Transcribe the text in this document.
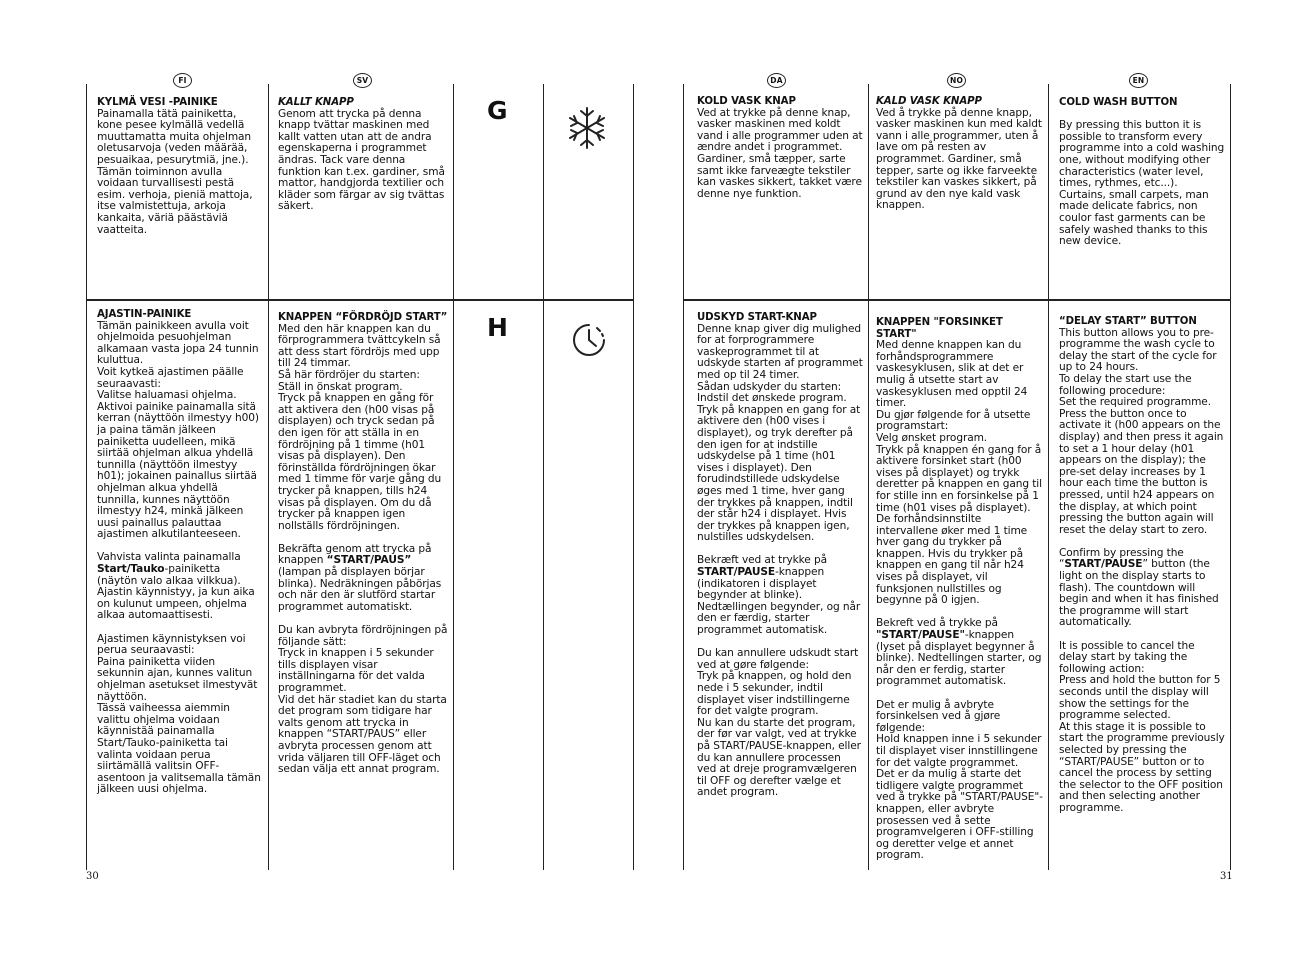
FI	SV
KYLMÄ VESI -PAINIKE
Painamalla tätä painiketta, kone pesee kylmällä vedellä muuttamatta muita ohjelman oletusarvoja (veden määrää, pesuaikaa, pesurytmiä, jne.).
Tämän toiminnon avulla voidaan turvallisesti pestä esim. verhoja, pieniä mattoja, itse valmistettuja, arkoja kankaita, väriä päästäviä vaatteita.
KALLT KNAPP
Genom att trycka på denna knapp tvättar maskinen med kallt vatten utan att de andra egenskaperna i programmet ändras. Tack vare denna funktion kan t.ex. gardiner, små mattor, handgjorda textilier och kläder som färgar av sig tvättas säkert.
G
AJASTIN-PAINIKE
Tämän painikkeen avulla voit ohjelmoida pesuohjelman alkamaan vasta jopa 24 tunnin kuluttua.
Voit kytkeä ajastimen päälle seuraavasti:
Valitse haluamasi ohjelma.
Aktivoi painike painamalla sitä kerran (näyttöön ilmestyy h00) ja paina tämän jälkeen painiketta uudelleen, mikä siirtää ohjelman alkua yhdellä tunnilla (näyttöön ilmestyy h01); jokainen painallus siirtää ohjelman alkua yhdellä tunnilla, kunnes näyttöön ilmestyy h24, minkä jälkeen uusi painallus palauttaa ajastimen alkutilanteeseen.
Vahvista valinta painamalla Start/Tauko-painiketta (näytön valo alkaa vilkkua). Ajastin käynnistyy, ja kun aika on kulunut umpeen, ohjelma alkaa automaattisesti.
Ajastimen käynnistyksen voi perua seuraavasti:
Paina painiketta viiden sekunnin ajan, kunnes valitun ohjelman asetukset ilmestyvät näyttöön.
Tässä vaiheessa aiemmin valittu ohjelma voidaan käynnistää painamalla Start/Tauko-painiketta tai valinta voidaan perua siirtämällä valitsin OFF-asentoon ja valitsemalla tämän jälkeen uusi ohjelma.
KNAPPEN “FÖRDRÖJD START”
Med den här knappen kan du förprogrammera tvättcykeln så att dess start fördröjs med upp till 24 timmar.
Så här fördröjer du starten:
Ställ in önskat program.
Tryck på knappen en gång för att aktivera den (h00 visas på displayen) och tryck sedan på den igen för att ställa in en fördröjning på 1 timme (h01 visas på displayen). Den förinställda fördröjningen ökar med 1 timme för varje gång du trycker på knappen, tills h24 visas på displayen. Om du då trycker på knappen igen nollställs fördröjningen.
Bekräfta genom att trycka på knappen “START/PAUS” (lampan på displayen börjar blinka). Nedräkningen påbörjas och när den är slutförd startar programmet automatiskt.
Du kan avbryta fördröjningen på följande sätt:
Tryck in knappen i 5 sekunder tills displayen visar inställningarna för det valda programmet.
Vid det här stadiet kan du starta det program som tidigare har valts genom att trycka in knappen “START/PAUS” eller avbryta processen genom att vrida väljaren till OFF-läget och sedan välja ett annat program.
H
30
DA	NO	EN
KOLD VASK KNAP
Ved at trykke på denne knap, vasker maskinen med koldt vand i alle programmer uden at ændre andet i programmet. Gardiner, små tæpper, sarte samt ikke farveægte tekstiler kan vaskes sikkert, takket være denne nye funktion.
KALD VASK KNAPP
Ved å trykke på denne knapp, vasker maskinen kun med kaldt vann i alle programmer, uten å lave om på resten av programmet. Gardiner, små tepper, sarte og ikke farveekte tekstiler kan vaskes sikkert, på grund av den nye kald vask knappen.
COLD WASH BUTTON
By pressing this button it is possible to transform every programme into a cold washing one, without modifying other characteristics (water level, times, rythmes, etc...).
Curtains, small carpets, man made delicate fabrics, non coulor fast garments can be safely washed thanks to this new device.
UDSKYD START-KNAP
Denne knap giver dig mulighed for at forprogrammere vaskeprogrammet til at udskyde starten af programmet med op til 24 timer.
Sådan udskyder du starten:
Indstil det ønskede program.
Tryk på knappen en gang for at aktivere den (h00 vises i displayet), og tryk derefter på den igen for at indstille udskydelse på 1 time (h01 vises i displayet). Den forudindstillede udskydelse øges med 1 time, hver gang der trykkes på knappen, indtil der står h24 i displayet. Hvis der trykkes på knappen igen, nulstilles udskydelsen.
Bekræft ved at trykke på START/PAUSE-knappen (indikatoren i displayet begynder at blinke). Nedtællingen begynder, og når den er færdig, starter programmet automatisk.
Du kan annullere udskudt start ved at gøre følgende:
Tryk på knappen, og hold den nede i 5 sekunder, indtil displayet viser indstillingerne for det valgte program.
Nu kan du starte det program, der før var valgt, ved at trykke på START/PAUSE-knappen, eller du kan annullere processen ved at dreje programvælgeren til OFF og derefter vælge et andet program.
KNAPPEN "FORSINKET START"
Med denne knappen kan du forhåndsprogrammere vaskesyklusen, slik at det er mulig å utsette start av vaskesyklusen med opptil 24 timer.
Du gjør følgende for å utsette programstart:
Velg ønsket program.
Trykk på knappen én gang for å aktivere forsinket start (h00 vises på displayet) og trykk deretter på knappen en gang til for stille inn en forsinkelse på 1 time (h01 vises på displayet). De forhåndsinnstilte intervallene øker med 1 time hver gang du trykker på knappen. Hvis du trykker på knappen en gang til når h24 vises på displayet, vil funksjonen nullstilles og begynne på 0 igjen.
Bekreft ved å trykke på "START/PAUSE"-knappen (lyset på displayet begynner å blinke). Nedtellingen starter, og når den er ferdig, starter programmet automatisk.
Det er mulig å avbryte forsinkelsen ved å gjøre følgende:
Hold knappen inne i 5 sekunder til displayet viser innstillingene for det valgte programmet.
Det er da mulig å starte det tidligere valgte programmet ved å trykke på "START/PAUSE"-knappen, eller avbryte prosessen ved å sette programvelgeren i OFF-stilling og deretter velge et annet program.
“DELAY START” BUTTON
This button allows you to pre-programme the wash cycle to delay the start of the cycle for up to 24 hours.
To delay the start use the following procedure:
Set the required programme.
Press the button once to activate it (h00 appears on the display) and then press it again to set a 1 hour delay (h01 appears on the display); the pre-set delay increases by 1 hour each time the button is pressed, until h24 appears on the display, at which point pressing the button again will reset the delay start to zero.
Confirm by pressing the “START/PAUSE” button (the light on the display starts to flash). The countdown will begin and when it has finished the programme will start automatically.
It is possible to cancel the delay start by taking the following action:
Press and hold the button for 5 seconds until the display will show the settings for the programme selected.
At this stage it is possible to start the programme previously selected by pressing the “START/PAUSE” button or to cancel the process by setting the selector to the OFF position and then selecting another programme.
31
